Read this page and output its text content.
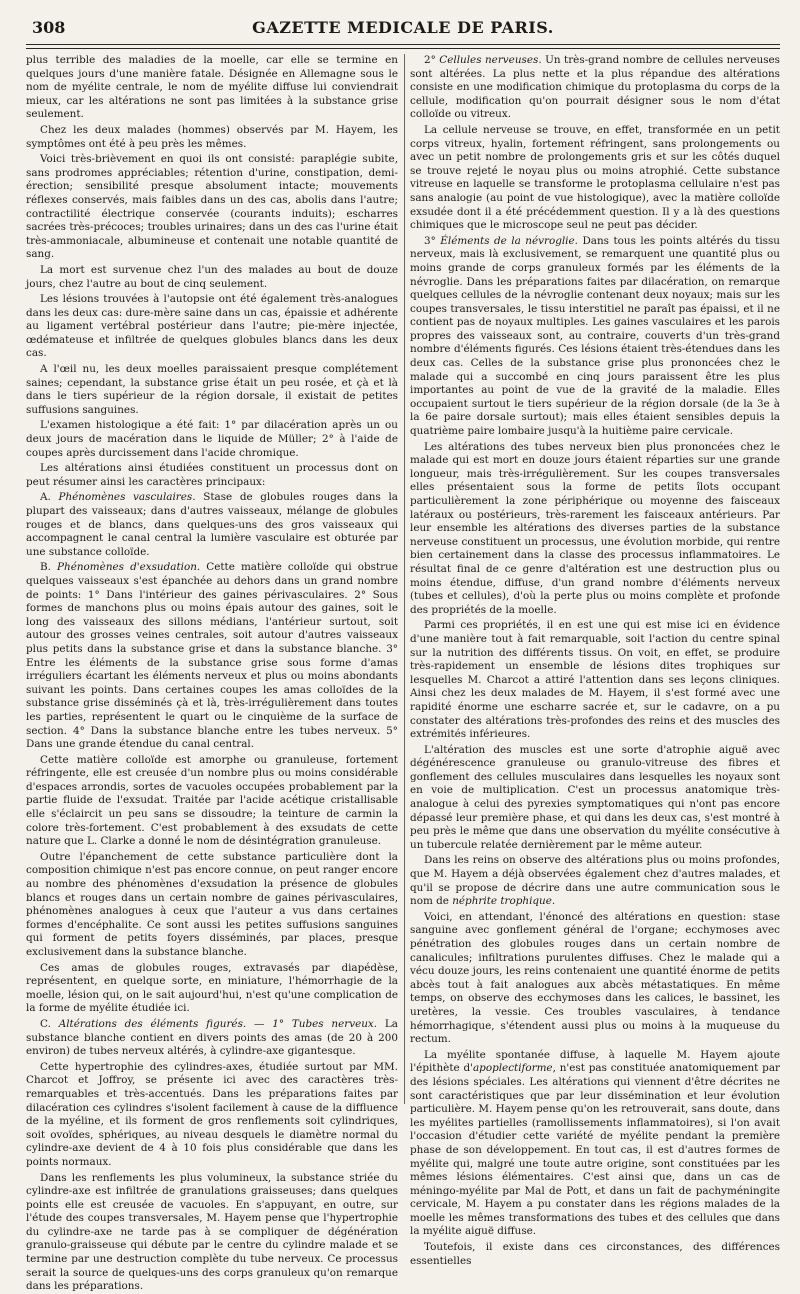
308	GAZETTE MEDICALE DE PARIS.

plus terrible des maladies de la moelle, car elle se termine en quelques jours d'une manière fatale. Désignée en Allemagne sous le nom de myélite centrale, le nom de myélite diffuse lui conviendrait mieux, car les altérations ne sont pas limitées à la substance grise seulement.

Chez les deux malades (hommes) observés par M. Hayem, les symptômes ont été à peu près les mêmes.

Voici très-brièvement en quoi ils ont consisté: paraplégie subite, sans prodromes appréciables; rétention d'urine, constipation, demi-érection; sensibilité presque absolument intacte; mouvements réflexes conservés, mais faibles dans un des cas, abolis dans l'autre; contractilité électrique conservée (courants induits); escharres sacrées très-précoces; troubles urinaires; dans un des cas l'urine était très-ammoniacale, albumineuse et contenait une notable quantité de sang.

La mort est survenue chez l'un des malades au bout de douze jours, chez l'autre au bout de cinq seulement.

Les lésions trouvées à l'autopsie ont été également très-analogues dans les deux cas: dure-mère saine dans un cas, épaissie et adhérente au ligament vertébral postérieur dans l'autre; pie-mère injectée, œdémateuse et infiltrée de quelques globules blancs dans les deux cas.

A l'œil nu, les deux moelles paraissaient presque complétement saines; cependant, la substance grise était un peu rosée, et çà et là dans le tiers supérieur de la région dorsale, il existait de petites suffusions sanguines.

L'examen histologique a été fait: 1° par dilacération après un ou deux jours de macération dans le liquide de Müller; 2° à l'aide de coupes après durcissement dans l'acide chromique.

Les altérations ainsi étudiées constituent un processus dont on peut résumer ainsi les caractères principaux:

A. Phénomènes vasculaires. Stase de globules rouges dans la plupart des vaisseaux; dans d'autres vaisseaux, mélange de globules rouges et de blancs, dans quelques-uns des gros vaisseaux qui accompagnent le canal central la lumière vasculaire est obturée par une substance colloïde.

B. Phénomènes d'exsudation. Cette matière colloïde qui obstrue quelques vaisseaux s'est épanchée au dehors dans un grand nombre de points: 1° Dans l'intérieur des gaines périvasculaires. 2° Sous formes de manchons plus ou moins épais autour des gaines, soit le long des vaisseaux des sillons médians, l'antérieur surtout, soit autour des grosses veines centrales, soit autour d'autres vaisseaux plus petits dans la substance grise et dans la substance blanche. 3° Entre les éléments de la substance grise sous forme d'amas irréguliers écartant les éléments nerveux et plus ou moins abondants suivant les points. Dans certaines coupes les amas colloïdes de la substance grise disséminés çà et là, très-irrégulièrement dans toutes les parties, représentent le quart ou le cinquième de la surface de section. 4° Dans la substance blanche entre les tubes nerveux. 5° Dans une grande étendue du canal central.

Cette matière colloïde est amorphe ou granuleuse, fortement réfringente, elle est creusée d'un nombre plus ou moins considérable d'espaces arrondis, sortes de vacuoles occupées probablement par la partie fluide de l'exsudat. Traitée par l'acide acétique cristallisable elle s'éclaircit un peu sans se dissoudre; la teinture de carmin la colore très-fortement. C'est probablement à des exsudats de cette nature que L. Clarke a donné le nom de désintégration granuleuse.

Outre l'épanchement de cette substance particulière dont la composition chimique n'est pas encore connue, on peut ranger encore au nombre des phénomènes d'exsudation la présence de globules blancs et rouges dans un certain nombre de gaines périvasculaires, phénomènes analogues à ceux que l'auteur a vus dans certaines formes d'encéphalite. Ce sont aussi les petites suffusions sanguines qui forment de petits foyers disséminés, par places, presque exclusivement dans la substance blanche.

Ces amas de globules rouges, extravasés par diapédèse, représentent, en quelque sorte, en miniature, l'hémorrhagie de la moelle, lésion qui, on le sait aujourd'hui, n'est qu'une complication de la forme de myélite étudiée ici.

C. Altérations des éléments figurés. — 1° Tubes nerveux. La substance blanche contient en divers points des amas (de 20 à 200 environ) de tubes nerveux altérés, à cylindre-axe gigantesque.

Cette hypertrophie des cylindres-axes, étudiée surtout par MM. Charcot et Joffroy, se présente ici avec des caractères très-remarquables et très-accentués. Dans les préparations faites par dilacération ces cylindres s'isolent facilement à cause de la diffluence de la myéline, et ils forment de gros renflements soit cylindriques, soit ovoïdes, sphériques, au niveau desquels le diamètre normal du cylindre-axe devient de 4 à 10 fois plus considérable que dans les points normaux.

Dans les renflements les plus volumineux, la substance striée du cylindre-axe est infiltrée de granulations graisseuses; dans quelques points elle est creusée de vacuoles. En s'appuyant, en outre, sur l'étude des coupes transversales, M. Hayem pense que l'hypertrophie du cylindre-axe ne tarde pas à se compliquer de dégénération granulo-graisseuse qui débute par le centre du cylindre malade et se termine par une destruction complète du tube nerveux. Ce processus serait la source de quelques-uns des corps granuleux qu'on remarque dans les préparations.

2° Cellules nerveuses. Un très-grand nombre de cellules nerveuses sont altérées. La plus nette et la plus répandue des altérations consiste en une modification chimique du protoplasma du corps de la cellule, modification qu'on pourrait désigner sous le nom d'état colloïde ou vitreux.

La cellule nerveuse se trouve, en effet, transformée en un petit corps vitreux, hyalin, fortement réfringent, sans prolongements ou avec un petit nombre de prolongements gris et sur les côtés duquel se trouve rejeté le noyau plus ou moins atrophié. Cette substance vitreuse en laquelle se transforme le protoplasma cellulaire n'est pas sans analogie (au point de vue histologique), avec la matière colloïde exsudée dont il a été précédemment question. Il y a là des questions chimiques que le microscope seul ne peut pas décider.

3° Éléments de la névroglie. Dans tous les points altérés du tissu nerveux, mais là exclusivement, se remarquent une quantité plus ou moins grande de corps granuleux formés par les éléments de la névroglie. Dans les préparations faites par dilacération, on remarque quelques cellules de la névroglie contenant deux noyaux; mais sur les coupes transversales, le tissu interstitiel ne paraît pas épaissi, et il ne contient pas de noyaux multiples. Les gaines vasculaires et les parois propres des vaisseaux sont, au contraire, couverts d'un très-grand nombre d'éléments figurés. Ces lésions étaient très-étendues dans les deux cas. Celles de la substance grise plus prononcées chez le malade qui a succombé en cinq jours paraissent être les plus importantes au point de vue de la gravité de la maladie. Elles occupaient surtout le tiers supérieur de la région dorsale (de la 3e à la 6e paire dorsale surtout); mais elles étaient sensibles depuis la quatrième paire lombaire jusqu'à la huitième paire cervicale.

Les altérations des tubes nerveux bien plus prononcées chez le malade qui est mort en douze jours étaient réparties sur une grande longueur, mais très-irrégulièrement. Sur les coupes transversales elles présentaient sous la forme de petits îlots occupant particulièrement la zone périphérique ou moyenne des faisceaux latéraux ou postérieurs, très-rarement les faisceaux antérieurs. Par leur ensemble les altérations des diverses parties de la substance nerveuse constituent un processus, une évolution morbide, qui rentre bien certainement dans la classe des processus inflammatoires. Le résultat final de ce genre d'altération est une destruction plus ou moins étendue, diffuse, d'un grand nombre d'éléments nerveux (tubes et cellules), d'où la perte plus ou moins complète et profonde des propriétés de la moelle.

Parmi ces propriétés, il en est une qui est mise ici en évidence d'une manière tout à fait remarquable, soit l'action du centre spinal sur la nutrition des différents tissus. On voit, en effet, se produire très-rapidement un ensemble de lésions dites trophiques sur lesquelles M. Charcot a attiré l'attention dans ses leçons cliniques. Ainsi chez les deux malades de M. Hayem, il s'est formé avec une rapidité énorme une escharre sacrée et, sur le cadavre, on a pu constater des altérations très-profondes des reins et des muscles des extrémités inférieures.

L'altération des muscles est une sorte d'atrophie aiguë avec dégénérescence granuleuse ou granulo-vitreuse des fibres et gonflement des cellules musculaires dans lesquelles les noyaux sont en voie de multiplication. C'est un processus anatomique très-analogue à celui des pyrexies symptomatiques qui n'ont pas encore dépassé leur première phase, et qui dans les deux cas, s'est montré à peu près le même que dans une observation du myélite consécutive à un tubercule relatée dernièrement par le même auteur.

Dans les reins on observe des altérations plus ou moins profondes, que M. Hayem a déjà observées également chez d'autres malades, et qu'il se propose de décrire dans une autre communication sous le nom de néphrite trophique.

Voici, en attendant, l'énoncé des altérations en question: stase sanguine avec gonflement général de l'organe; ecchymoses avec pénétration des globules rouges dans un certain nombre de canalicules; infiltrations purulentes diffuses. Chez le malade qui a vécu douze jours, les reins contenaient une quantité énorme de petits abcès tout à fait analogues aux abcès métastatiques. En même temps, on observe des ecchymoses dans les calices, le bassinet, les uretères, la vessie. Ces troubles vasculaires, à tendance hémorrhagique, s'étendent aussi plus ou moins à la muqueuse du rectum.

La myélite spontanée diffuse, à laquelle M. Hayem ajoute l'épithète d'apoplectiforme, n'est pas constituée anatomiquement par des lésions spéciales. Les altérations qui viennent d'être décrites ne sont caractéristiques que par leur dissémination et leur évolution particulière. M. Hayem pense qu'on les retrouverait, sans doute, dans les myélites partielles (ramollissements inflammatoires), si l'on avait l'occasion d'étudier cette variété de myélite pendant la première phase de son développement. En tout cas, il est d'autres formes de myélite qui, malgré une toute autre origine, sont constituées par les mêmes lésions élémentaires. C'est ainsi que, dans un cas de méningo-myélite par Mal de Pott, et dans un fait de pachyméningite cervicale, M. Hayem a pu constater dans les régions malades de la moelle les mêmes transformations des tubes et des cellules que dans la myélite aiguë diffuse.

Toutefois, il existe dans ces circonstances, des différences essentielles
